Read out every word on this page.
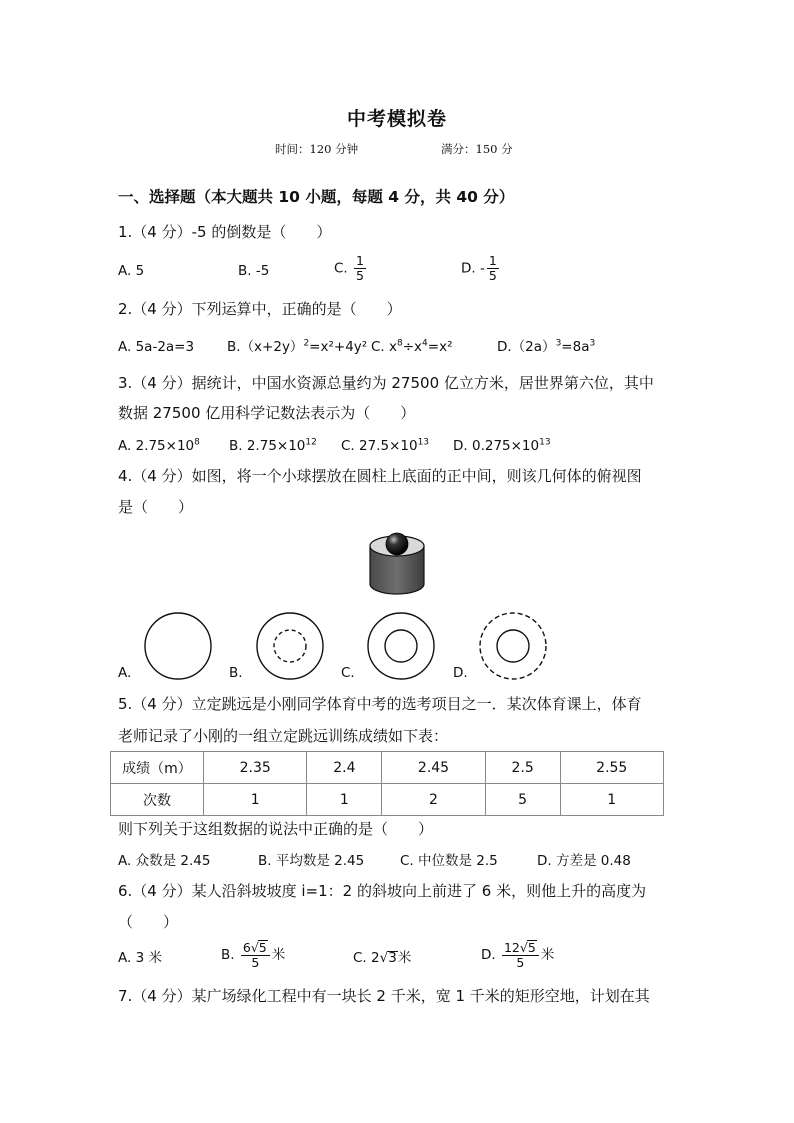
中考模拟卷
时间：120 分钟	满分：150 分
一、选择题（本大题共 10 小题，每题 4 分，共 40 分）
1.（4 分）-5 的倒数是（　　）
A. 5	B. -5	C. $\frac{1}{5}$	D. - $\frac{1}{5}$
2.（4 分）下列运算中，正确的是（　　）
A. 5a-2a=3 $B.(x+2y)^2=x^2+4y^2$ C. $x^8\div x^4=x^2$	$D.(2a)^3=8a^3$
3.（4 分）据统计，中国水资源总量约为 27500 亿立方米，居世界第六位，其中
数据 27500 亿用科学记数法表示为（　　）
A. $2.75\times 10^8$ B. $2.75\times 10^{12}$ C. $27.5\times 10^{13}$ D. $0.275\times 10^{13}$
4.（4 分）如图，将一个小球摆放在圆柱上底面的正中间，则该几何体的俯视图
是（　　）
A.	B.	C.	D.
5.（4 分）立定跳远是小刚同学体育中考的选考项目之一．某次体育课上，体育
老师记录了小刚的一组立定跳远训练成绩如下表：
成绩（m）	2.35	2.4	2.45	2.5	2.55
次数	1	1	2	5	1
则下列关于这组数据的说法中正确的是（　　）
A. 众数是 2.45	B. 平均数是 2.45	C. 中位数是 2.5	D. 方差是 0.48
6.（4 分）某人沿斜坡坡度 i=1：2 的斜坡向上前进了 6 米，则他上升的高度为
（　　）
A. 3 米	B. $\frac{6√5}{5}$ 米	C. 2√3米	D. $\frac{12√5}{5}$ 米
7.（4 分）某广场绿化工程中有一块长 2 千米，宽 1 千米的矩形空地，计划在其
